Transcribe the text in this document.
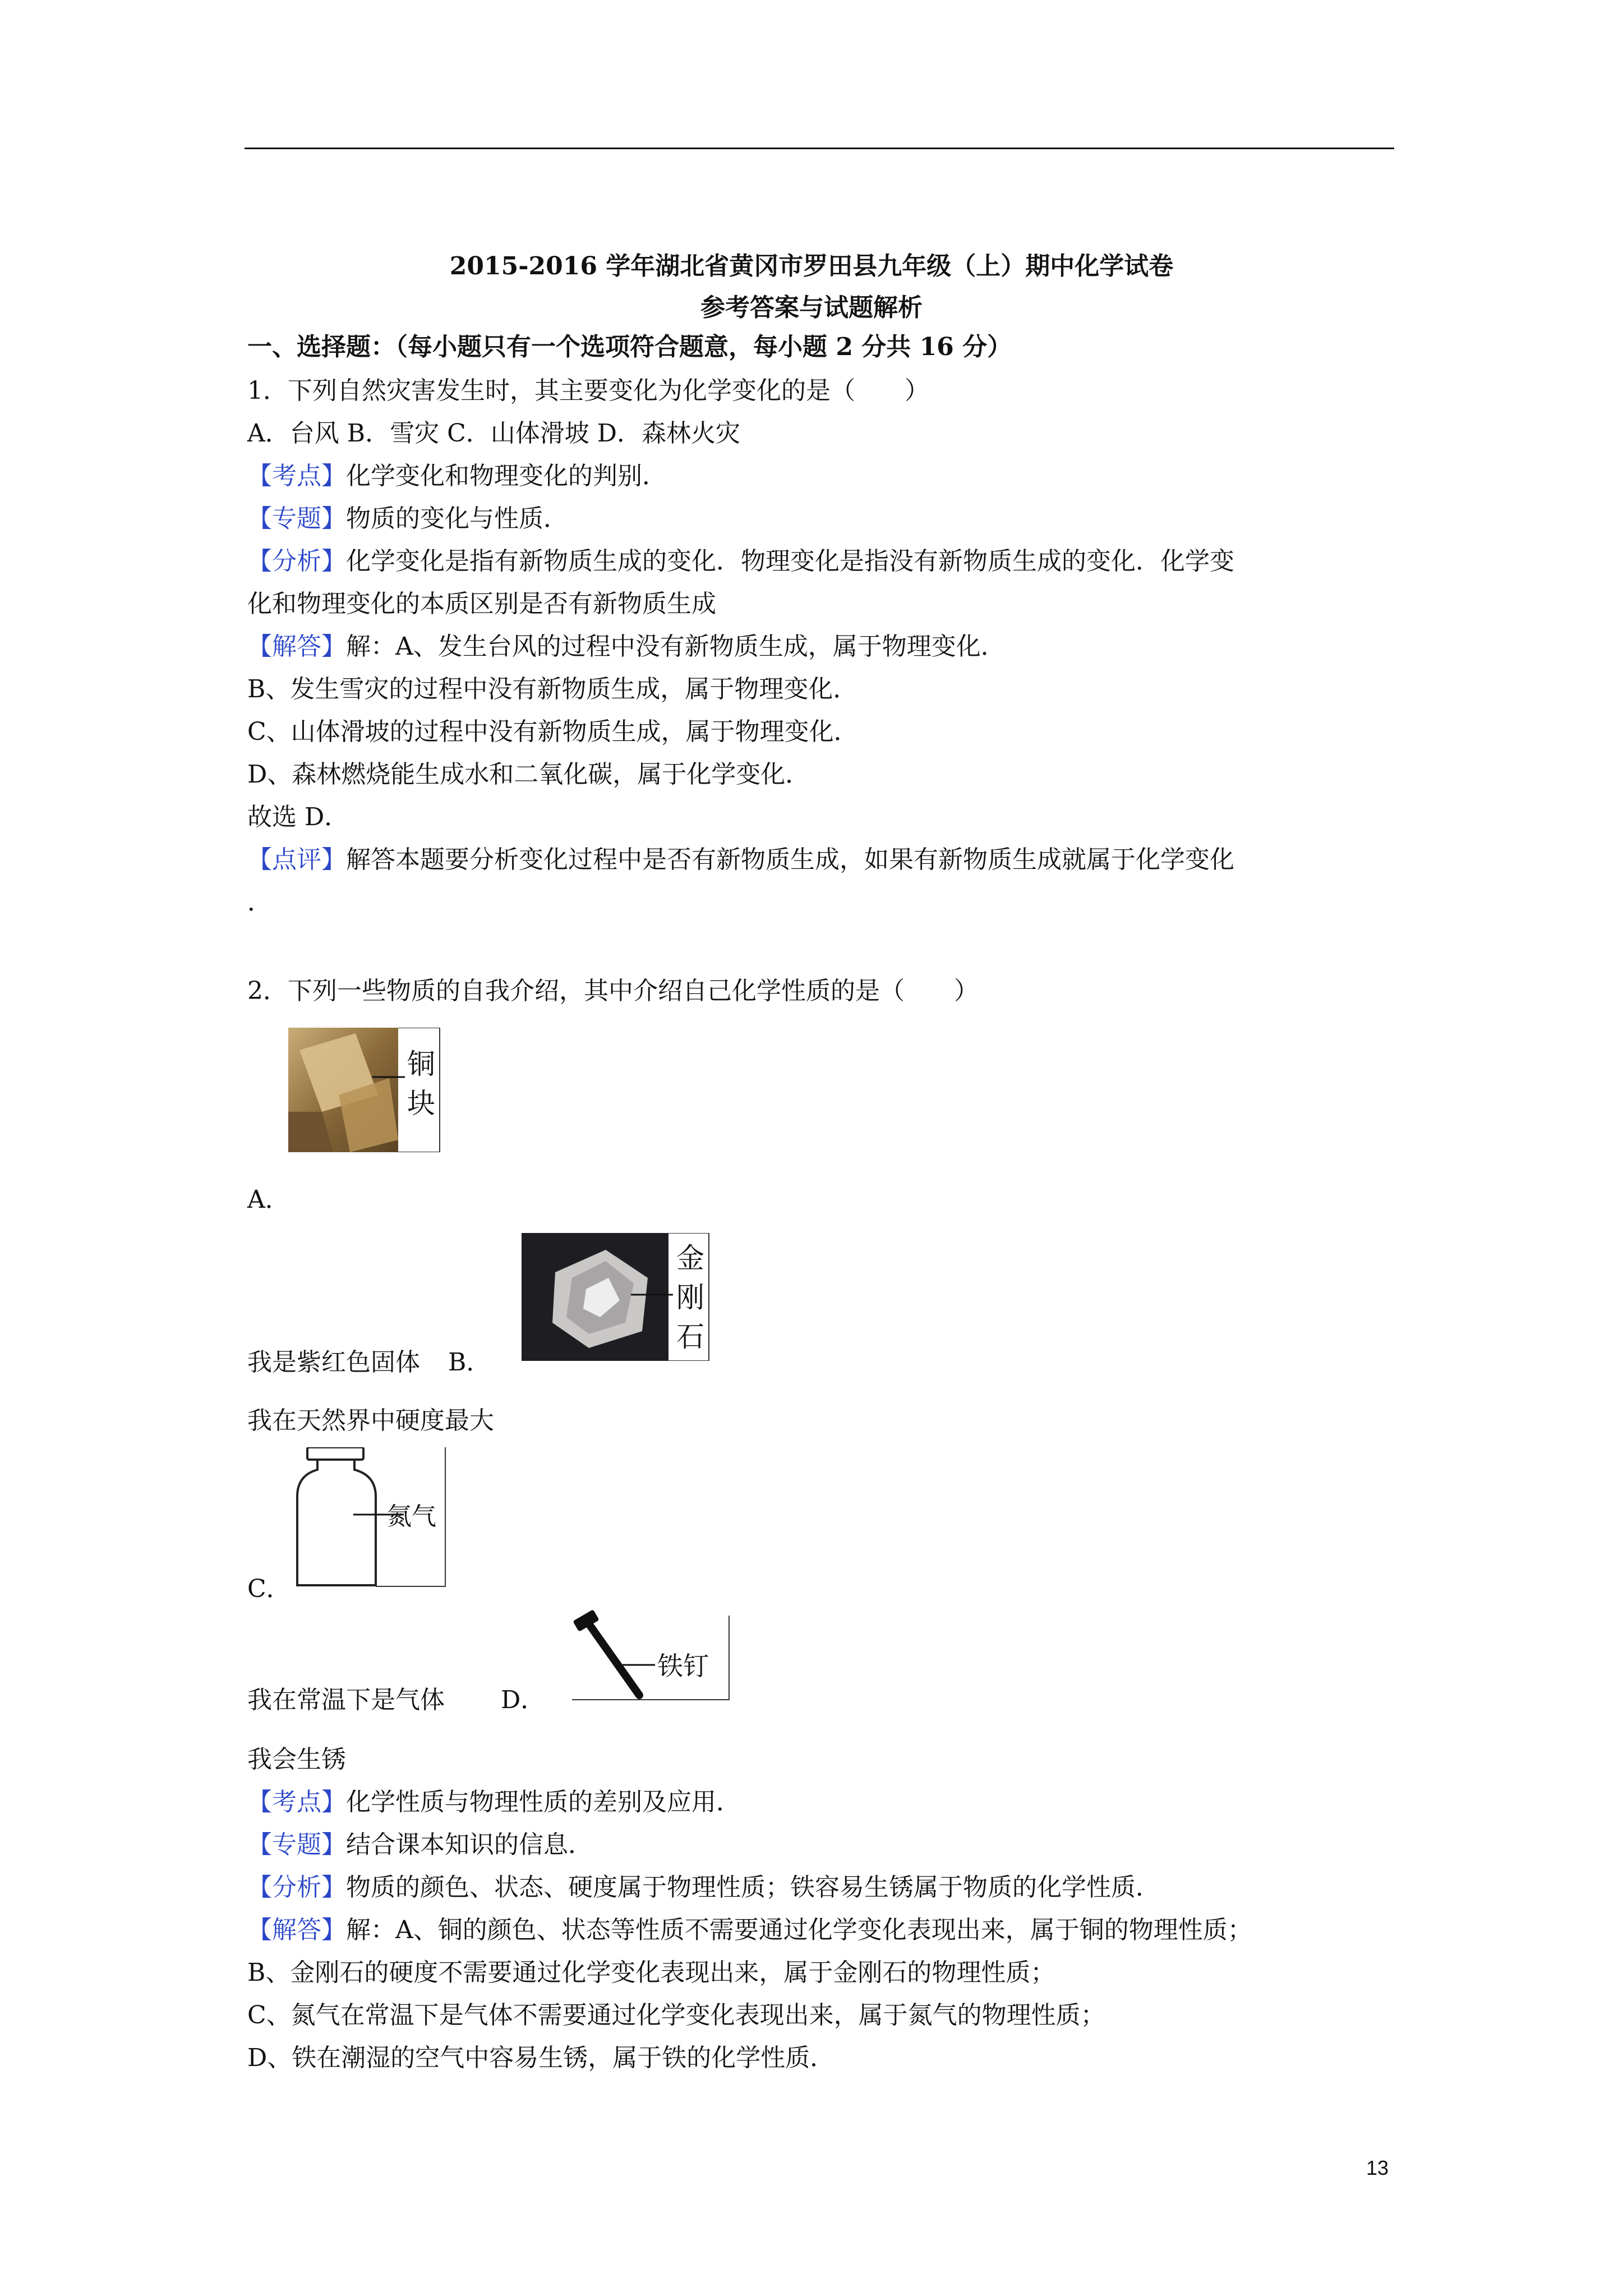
2015-2016 学年湖北省黄冈市罗田县九年级（上）期中化学试卷
参考答案与试题解析
一、选择题：（每小题只有一个选项符合题意，每小题 2 分共 16 分）
1．下列自然灾害发生时，其主要变化为化学变化的是（　　）
A．台风 B．雪灾 C．山体滑坡 D．森林火灾
【考点】化学变化和物理变化的判别．
【专题】物质的变化与性质．
【分析】化学变化是指有新物质生成的变化．物理变化是指没有新物质生成的变化．化学变
化和物理变化的本质区别是否有新物质生成
【解答】解：A、发生台风的过程中没有新物质生成，属于物理变化．
B、发生雪灾的过程中没有新物质生成，属于物理变化．
C、山体滑坡的过程中没有新物质生成，属于物理变化．
D、森林燃烧能生成水和二氧化碳，属于化学变化．
故选 D．
【点评】解答本题要分析变化过程中是否有新物质生成，如果有新物质生成就属于化学变化
．
2．下列一些物质的自我介绍，其中介绍自己化学性质的是（　　）
铜
块
A．
金
刚
石
我是紫红色固体 B．
我在天然界中硬度最大
氮气
C．
铁钉
我在常温下是气体 D．
我会生锈
【考点】化学性质与物理性质的差别及应用．
【专题】结合课本知识的信息．
【分析】物质的颜色、状态、硬度属于物理性质；铁容易生锈属于物质的化学性质．
【解答】解：A、铜的颜色、状态等性质不需要通过化学变化表现出来，属于铜的物理性质；
B、金刚石的硬度不需要通过化学变化表现出来，属于金刚石的物理性质；
C、氮气在常温下是气体不需要通过化学变化表现出来，属于氮气的物理性质；
D、铁在潮湿的空气中容易生锈，属于铁的化学性质．
13
